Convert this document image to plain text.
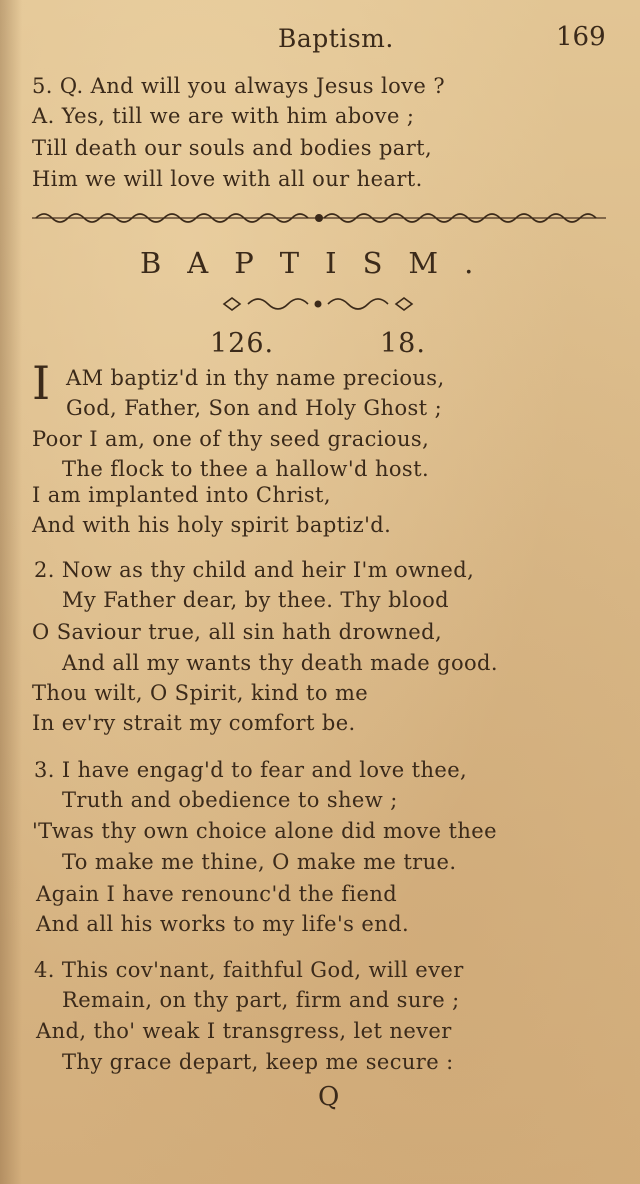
Baptism.	169
5. Q. And will you always Jesus love ?
A. Yes, till we are with him above ;
Till death our souls and bodies part,
Him we will love with all our heart.
BAPTISM.
126.	18.
I AM baptiz'd in thy name precious,
God, Father, Son and Holy Ghost ;
Poor I am, one of thy seed gracious,
The flock to thee a hallow'd host.
I am implanted into Christ,
And with his holy spirit baptiz'd.
2. Now as thy child and heir I'm owned,
My Father dear, by thee. Thy blood
O Saviour true, all sin hath drowned,
And all my wants thy death made good.
Thou wilt, O Spirit, kind to me
In ev'ry strait my comfort be.
3. I have engag'd to fear and love thee,
Truth and obedience to shew ;
'Twas thy own choice alone did move thee
To make me thine, O make me true.
Again I have renounc'd the fiend
And all his works to my life's end.
4. This cov'nant, faithful God, will ever
Remain, on thy part, firm and sure ;
And, tho' weak I transgress, let never
Thy grace depart, keep me secure :
Q
